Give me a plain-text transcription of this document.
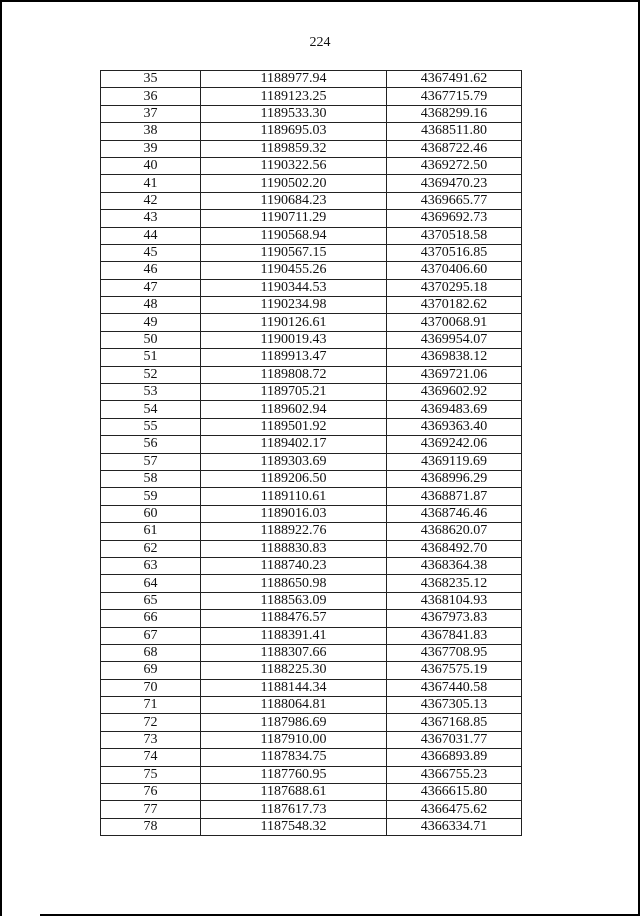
224
35	1188977.94	4367491.62
36	1189123.25	4367715.79
37	1189533.30	4368299.16
38	1189695.03	4368511.80
39	1189859.32	4368722.46
40	1190322.56	4369272.50
41	1190502.20	4369470.23
42	1190684.23	4369665.77
43	1190711.29	4369692.73
44	1190568.94	4370518.58
45	1190567.15	4370516.85
46	1190455.26	4370406.60
47	1190344.53	4370295.18
48	1190234.98	4370182.62
49	1190126.61	4370068.91
50	1190019.43	4369954.07
51	1189913.47	4369838.12
52	1189808.72	4369721.06
53	1189705.21	4369602.92
54	1189602.94	4369483.69
55	1189501.92	4369363.40
56	1189402.17	4369242.06
57	1189303.69	4369119.69
58	1189206.50	4368996.29
59	1189110.61	4368871.87
60	1189016.03	4368746.46
61	1188922.76	4368620.07
62	1188830.83	4368492.70
63	1188740.23	4368364.38
64	1188650.98	4368235.12
65	1188563.09	4368104.93
66	1188476.57	4367973.83
67	1188391.41	4367841.83
68	1188307.66	4367708.95
69	1188225.30	4367575.19
70	1188144.34	4367440.58
71	1188064.81	4367305.13
72	1187986.69	4367168.85
73	1187910.00	4367031.77
74	1187834.75	4366893.89
75	1187760.95	4366755.23
76	1187688.61	4366615.80
77	1187617.73	4366475.62
78	1187548.32	4366334.71
